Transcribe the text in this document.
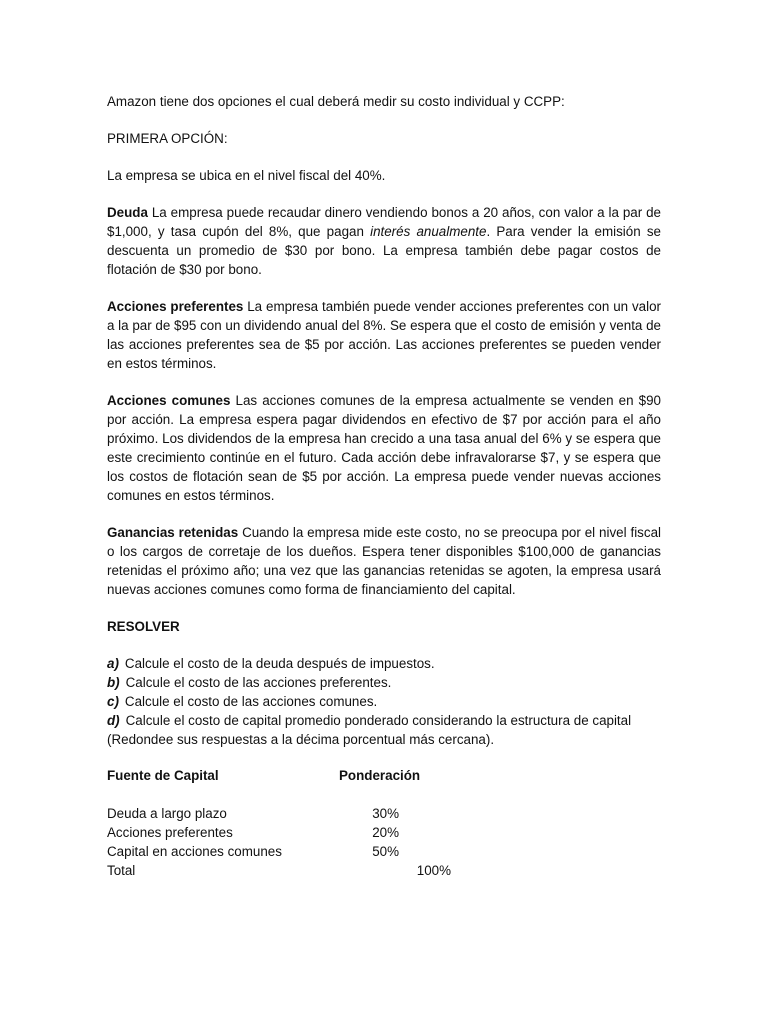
Amazon tiene dos opciones el cual deberá medir su costo individual y CCPP:

PRIMERA OPCIÓN:

La empresa se ubica en el nivel fiscal del 40%.

Deuda La empresa puede recaudar dinero vendiendo bonos a 20 años, con valor a la par de $1,000, y tasa cupón del 8%, que pagan interés anualmente. Para vender la emisión se descuenta un promedio de $30 por bono. La empresa también debe pagar costos de flotación de $30 por bono.

Acciones preferentes La empresa también puede vender acciones preferentes con un valor a la par de $95 con un dividendo anual del 8%. Se espera que el costo de emisión y venta de las acciones preferentes sea de $5 por acción. Las acciones preferentes se pueden vender en estos términos.

Acciones comunes Las acciones comunes de la empresa actualmente se venden en $90 por acción. La empresa espera pagar dividendos en efectivo de $7 por acción para el año próximo. Los dividendos de la empresa han crecido a una tasa anual del 6% y se espera que este crecimiento continúe en el futuro. Cada acción debe infravalorarse $7, y se espera que los costos de flotación sean de $5 por acción. La empresa puede vender nuevas acciones comunes en estos términos.

Ganancias retenidas Cuando la empresa mide este costo, no se preocupa por el nivel fiscal o los cargos de corretaje de los dueños. Espera tener disponibles $100,000 de ganancias retenidas el próximo año; una vez que las ganancias retenidas se agoten, la empresa usará nuevas acciones comunes como forma de financiamiento del capital.

RESOLVER

a) Calcule el costo de la deuda después de impuestos.
b) Calcule el costo de las acciones preferentes.
c) Calcule el costo de las acciones comunes.
d) Calcule el costo de capital promedio ponderado considerando la estructura de capital
(Redondee sus respuestas a la décima porcentual más cercana).
Fuente de Capital	Ponderación
Deuda a largo plazo	30%
Acciones preferentes	20%
Capital en acciones comunes	50%
Total	100%
